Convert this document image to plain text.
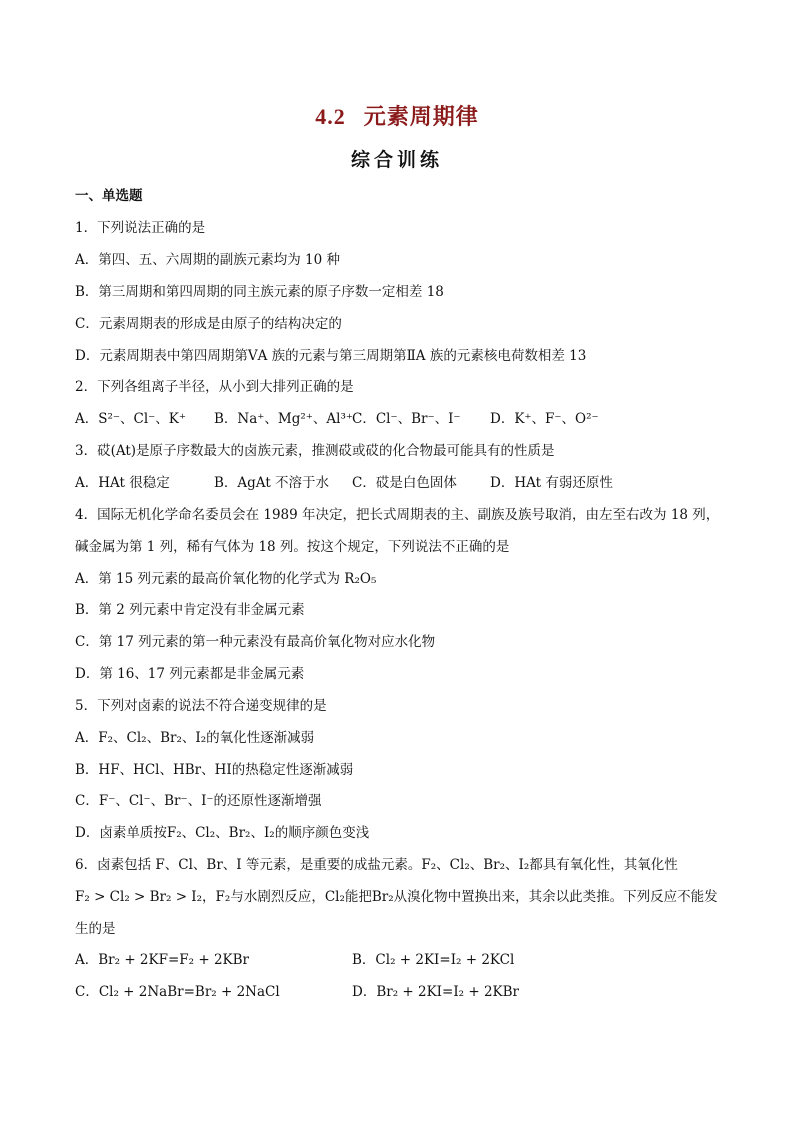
4.2 元素周期律
综合训练
一、单选题
1．下列说法正确的是
A．第四、五、六周期的副族元素均为 10 种
B．第三周期和第四周期的同主族元素的原子序数一定相差 18
C．元素周期表的形成是由原子的结构决定的
D．元素周期表中第四周期第ⅤA 族的元素与第三周期第ⅡA 族的元素核电荷数相差 13
2．下列各组离子半径，从小到大排列正确的是
A．S²⁻、Cl⁻、K⁺ B．Na⁺、Mg²⁺、Al³⁺
C．Cl⁻、Br⁻、I⁻ D．K⁺、F⁻、O²⁻
3．砹(At)是原子序数最大的卤族元素，推测砹或砹的化合物最可能具有的性质是
A．HAt 很稳定	B．AgAt 不溶于水 C．砹是白色固体 D．HAt 有弱还原性
4．国际无机化学命名委员会在 1989 年决定，把长式周期表的主、副族及族号取消，由左至右改为 18 列，
碱金属为第 1 列，稀有气体为 18 列。按这个规定，下列说法不正确的是
A．第 15 列元素的最高价氧化物的化学式为 R₂O₅
B．第 2 列元素中肯定没有非金属元素
C．第 17 列元素的第一种元素没有最高价氧化物对应水化物
D．第 16、17 列元素都是非金属元素
5．下列对卤素的说法不符合递变规律的是
A．F₂、Cl₂、Br₂、I₂的氧化性逐渐减弱
B．HF、HCl、HBr、HI的热稳定性逐渐减弱
C．F⁻、Cl⁻、Br⁻、I⁻的还原性逐渐增强
D．卤素单质按F₂、Cl₂、Br₂、I₂的顺序颜色变浅
6．卤素包括 F、Cl、Br、I 等元素，是重要的成盐元素。F₂、Cl₂、Br₂、I₂都具有氧化性，其氧化性
F₂ > Cl₂ > Br₂ > I₂，F₂与水剧烈反应，Cl₂能把Br₂从溴化物中置换出来，其余以此类推。下列反应不能发
生的是
A．Br₂ + 2KF=F₂ + 2KBr	B．Cl₂ + 2KI=I₂ + 2KCl
C．Cl₂ + 2NaBr=Br₂ + 2NaCl	D．Br₂ + 2KI=I₂ + 2KBr
